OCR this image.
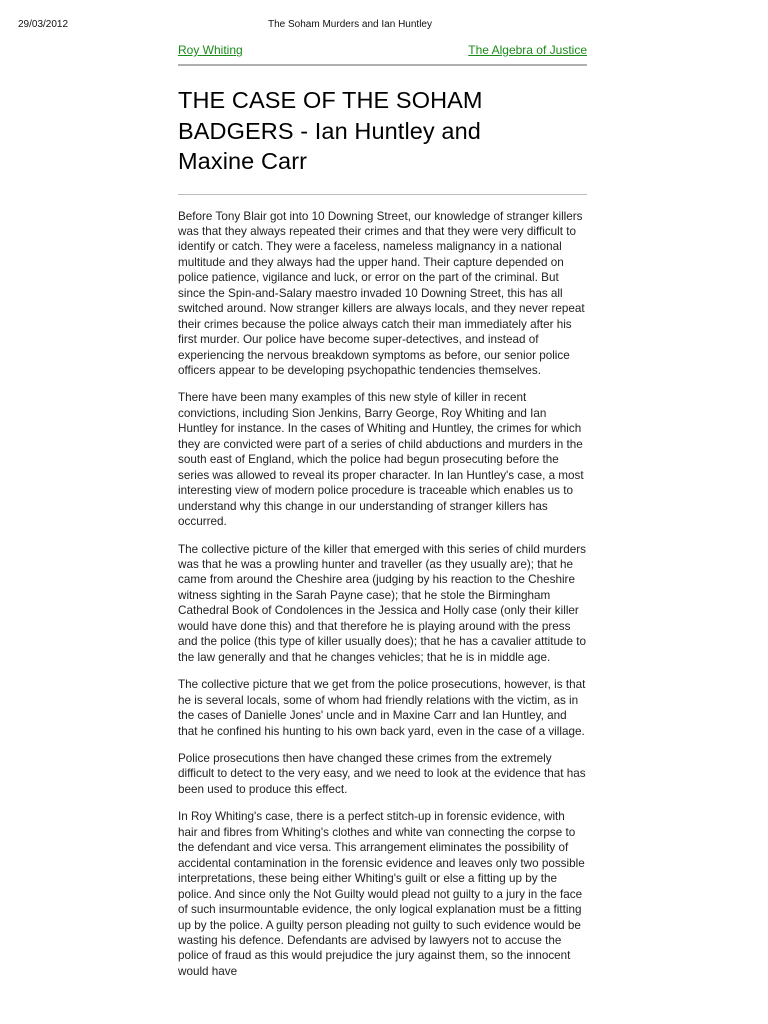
29/03/2012	The Soham Murders and Ian Huntley
Roy Whiting	The Algebra of Justice
THE CASE OF THE SOHAM
BADGERS - Ian Huntley and
Maxine Carr

Before Tony Blair got into 10 Downing Street, our knowledge of stranger killers was that they always repeated their crimes and that they were very difficult to identify or catch. They were a faceless, nameless malignancy in a national multitude and they always had the upper hand. Their capture depended on police patience, vigilance and luck, or error on the part of the criminal. But since the Spin-and-Salary maestro invaded 10 Downing Street, this has all switched around. Now stranger killers are always locals, and they never repeat their crimes because the police always catch their man immediately after his first murder. Our police have become super-detectives, and instead of experiencing the nervous breakdown symptoms as before, our senior police officers appear to be developing psychopathic tendencies themselves.

There have been many examples of this new style of killer in recent convictions, including Sion Jenkins, Barry George, Roy Whiting and Ian Huntley for instance. In the cases of Whiting and Huntley, the crimes for which they are convicted were part of a series of child abductions and murders in the south east of England, which the police had begun prosecuting before the series was allowed to reveal its proper character. In Ian Huntley's case, a most interesting view of modern police procedure is traceable which enables us to understand why this change in our understanding of stranger killers has occurred.

The collective picture of the killer that emerged with this series of child murders was that he was a prowling hunter and traveller (as they usually are); that he came from around the Cheshire area (judging by his reaction to the Cheshire witness sighting in the Sarah Payne case); that he stole the Birmingham Cathedral Book of Condolences in the Jessica and Holly case (only their killer would have done this) and that therefore he is playing around with the press and the police (this type of killer usually does); that he has a cavalier attitude to the law generally and that he changes vehicles; that he is in middle age.

The collective picture that we get from the police prosecutions, however, is that he is several locals, some of whom had friendly relations with the victim, as in the cases of Danielle Jones' uncle and in Maxine Carr and Ian Huntley, and that he confined his hunting to his own back yard, even in the case of a village.

Police prosecutions then have changed these crimes from the extremely difficult to detect to the very easy, and we need to look at the evidence that has been used to produce this effect.

In Roy Whiting's case, there is a perfect stitch-up in forensic evidence, with hair and fibres from Whiting's clothes and white van connecting the corpse to the defendant and vice versa. This arrangement eliminates the possibility of accidental contamination in the forensic evidence and leaves only two possible interpretations, these being either Whiting's guilt or else a fitting up by the police. And since only the Not Guilty would plead not guilty to a jury in the face of such insurmountable evidence, the only logical explanation must be a fitting up by the police. A guilty person pleading not guilty to such evidence would be wasting his defence. Defendants are advised by lawyers not to accuse the police of fraud as this would prejudice the jury against them, so the innocent would have
